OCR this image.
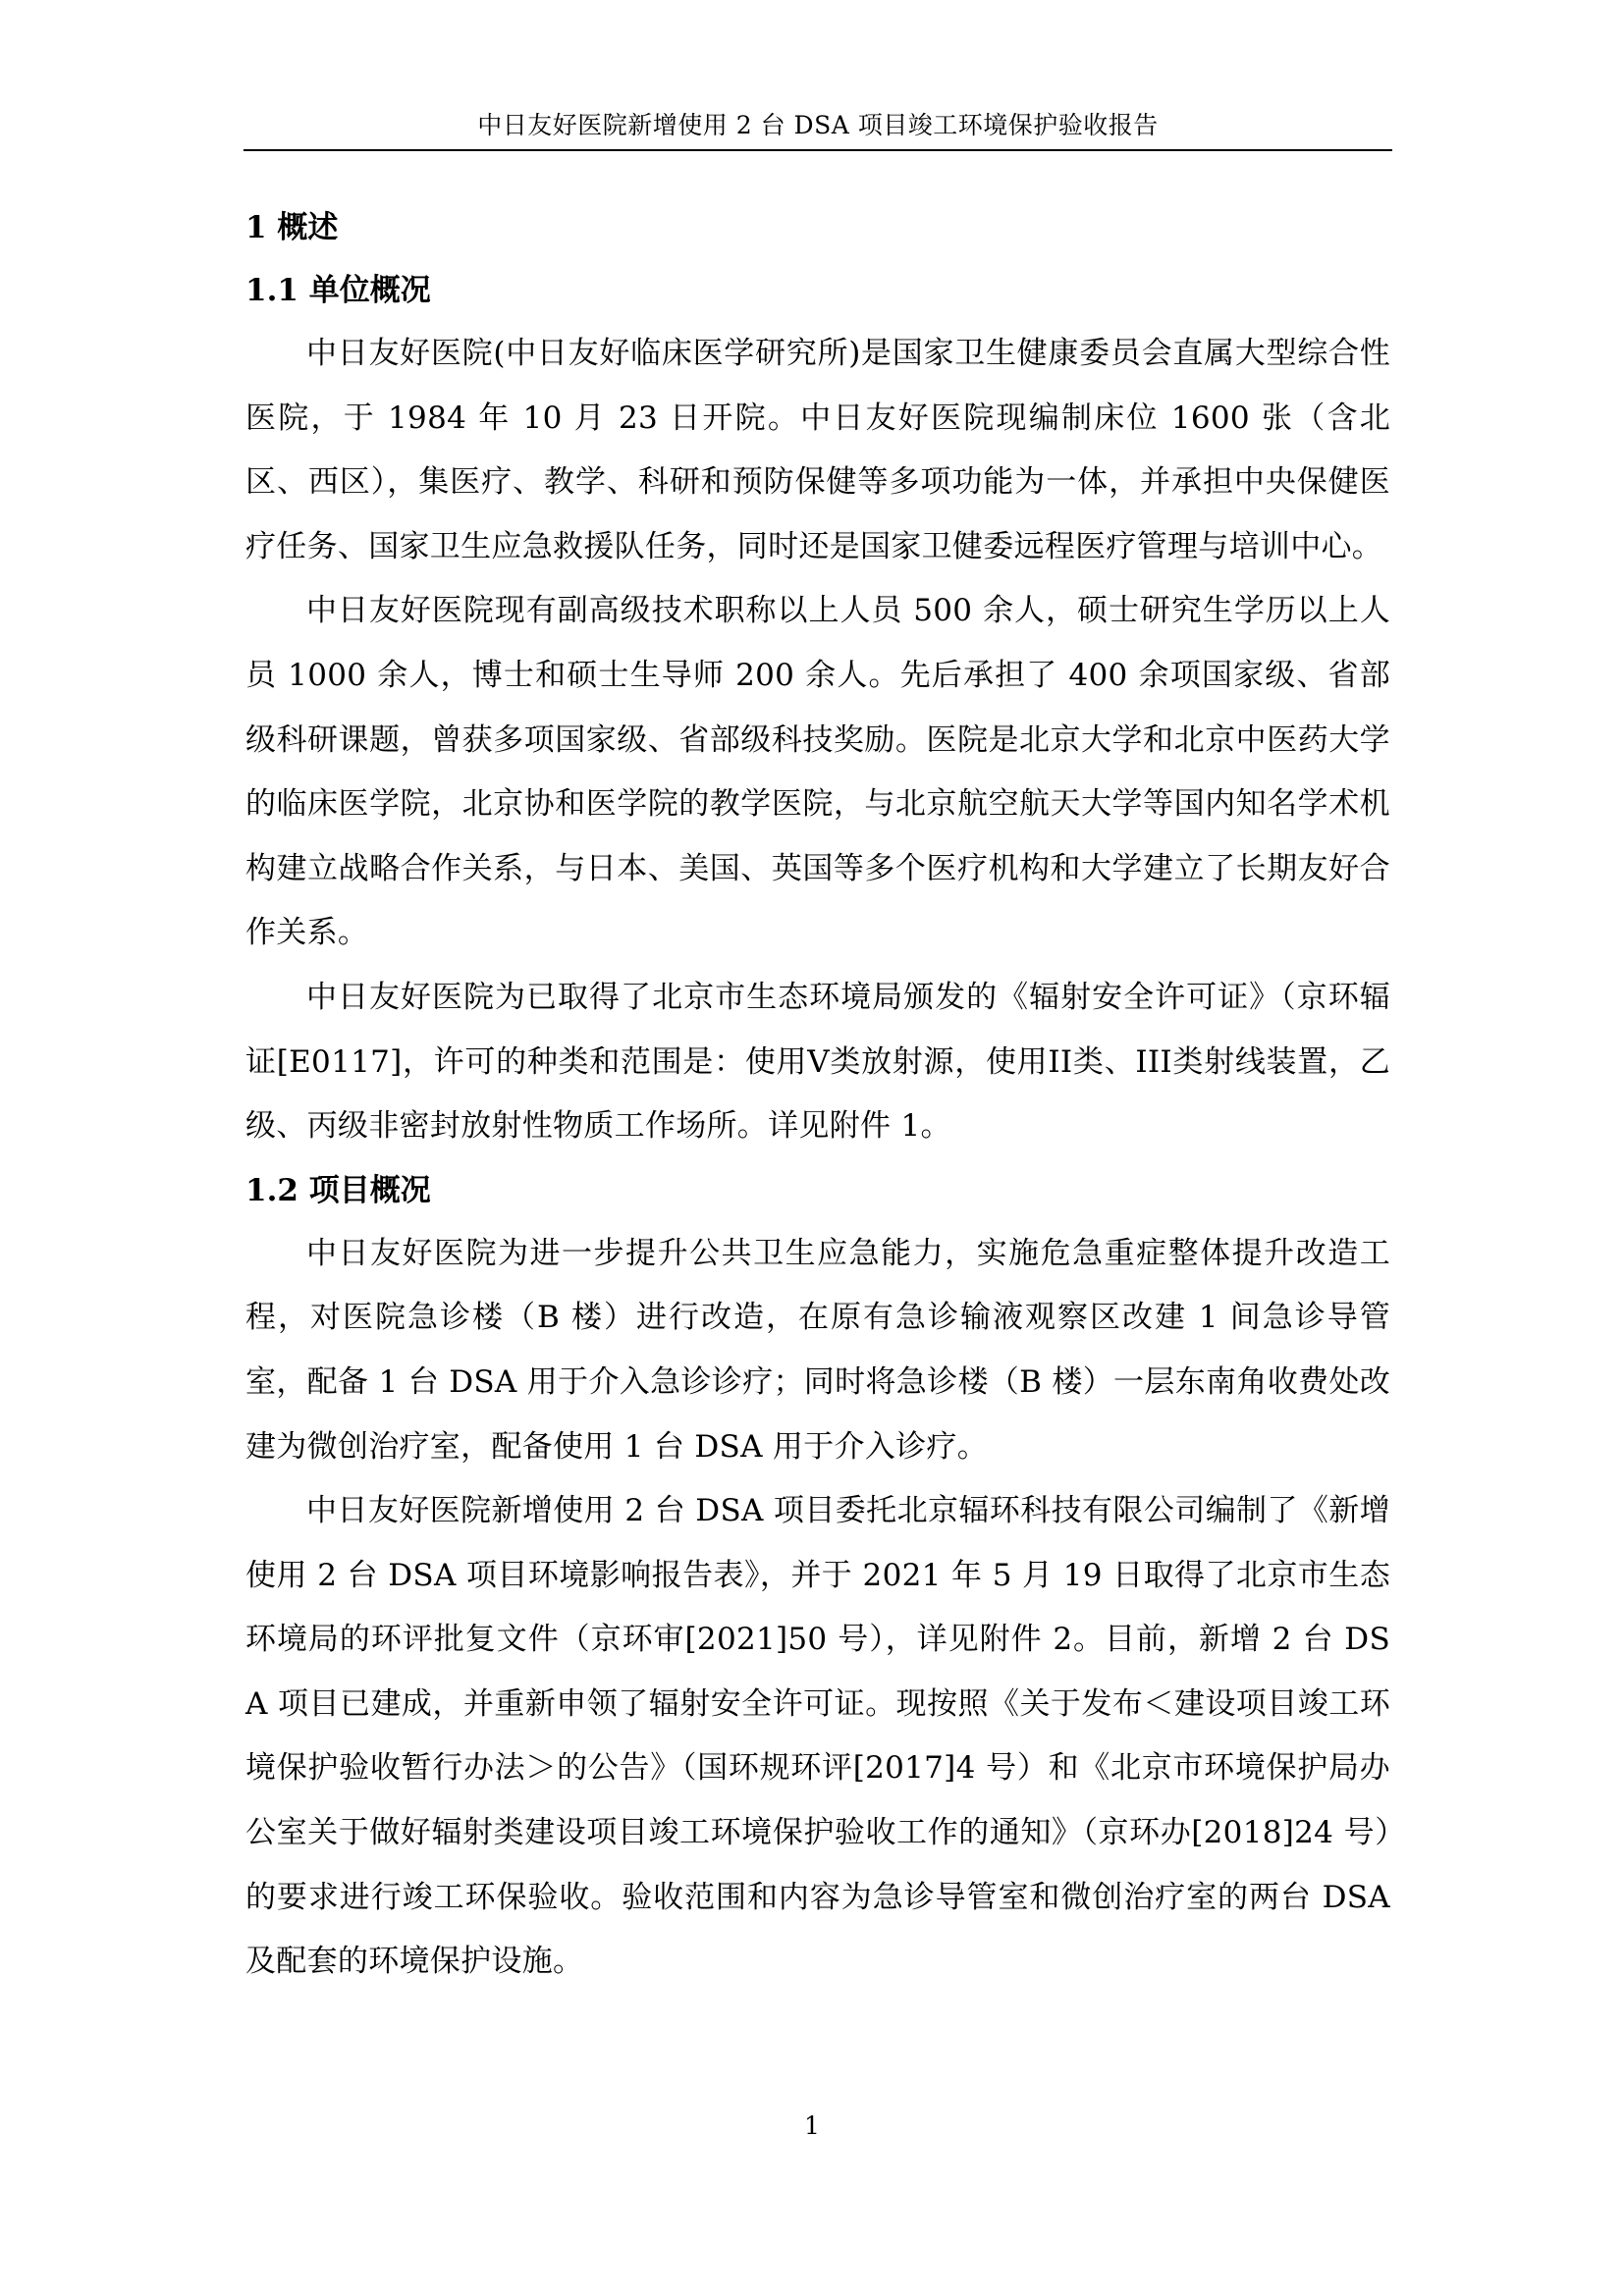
中日友好医院新增使用 2 台 DSA 项目竣工环境保护验收报告
1 概述
1.1 单位概况

中日友好医院(中日友好临床医学研究所)是国家卫生健康委员会直属大型综合性医院，于 1984 年 10 月 23 日开院。中日友好医院现编制床位 1600 张（含北区、西区），集医疗、教学、科研和预防保健等多项功能为一体，并承担中央保健医疗任务、国家卫生应急救援队任务，同时还是国家卫健委远程医疗管理与培训中心。

中日友好医院现有副高级技术职称以上人员 500 余人，硕士研究生学历以上人员 1000 余人，博士和硕士生导师 200 余人。先后承担了 400 余项国家级、省部级科研课题，曾获多项国家级、省部级科技奖励。医院是北京大学和北京中医药大学的临床医学院，北京协和医学院的教学医院，与北京航空航天大学等国内知名学术机构建立战略合作关系，与日本、美国、英国等多个医疗机构和大学建立了长期友好合作关系。

中日友好医院为已取得了北京市生态环境局颁发的《辐射安全许可证》（京环辐证[E0117]，许可的种类和范围是：使用V类放射源，使用II类、III类射线装置，乙级、丙级非密封放射性物质工作场所。详见附件 1。

1.2 项目概况

中日友好医院为进一步提升公共卫生应急能力，实施危急重症整体提升改造工程，对医院急诊楼（B 楼）进行改造，在原有急诊输液观察区改建 1 间急诊导管室，配备 1 台 DSA 用于介入急诊诊疗；同时将急诊楼（B 楼）一层东南角收费处改建为微创治疗室，配备使用 1 台 DSA 用于介入诊疗。

中日友好医院新增使用 2 台 DSA 项目委托北京辐环科技有限公司编制了《新增使用 2 台 DSA 项目环境影响报告表》，并于 2021 年 5 月 19 日取得了北京市生态环境局的环评批复文件（京环审[2021]50 号），详见附件 2。目前，新增 2 台 DSA 项目已建成，并重新申领了辐射安全许可证。现按照《关于发布＜建设项目竣工环境保护验收暂行办法＞的公告》（国环规环评[2017]4 号）和《北京市环境保护局办公室关于做好辐射类建设项目竣工环境保护验收工作的通知》（京环办[2018]24 号）的要求进行竣工环保验收。验收范围和内容为急诊导管室和微创治疗室的两台 DSA 及配套的环境保护设施。

1
